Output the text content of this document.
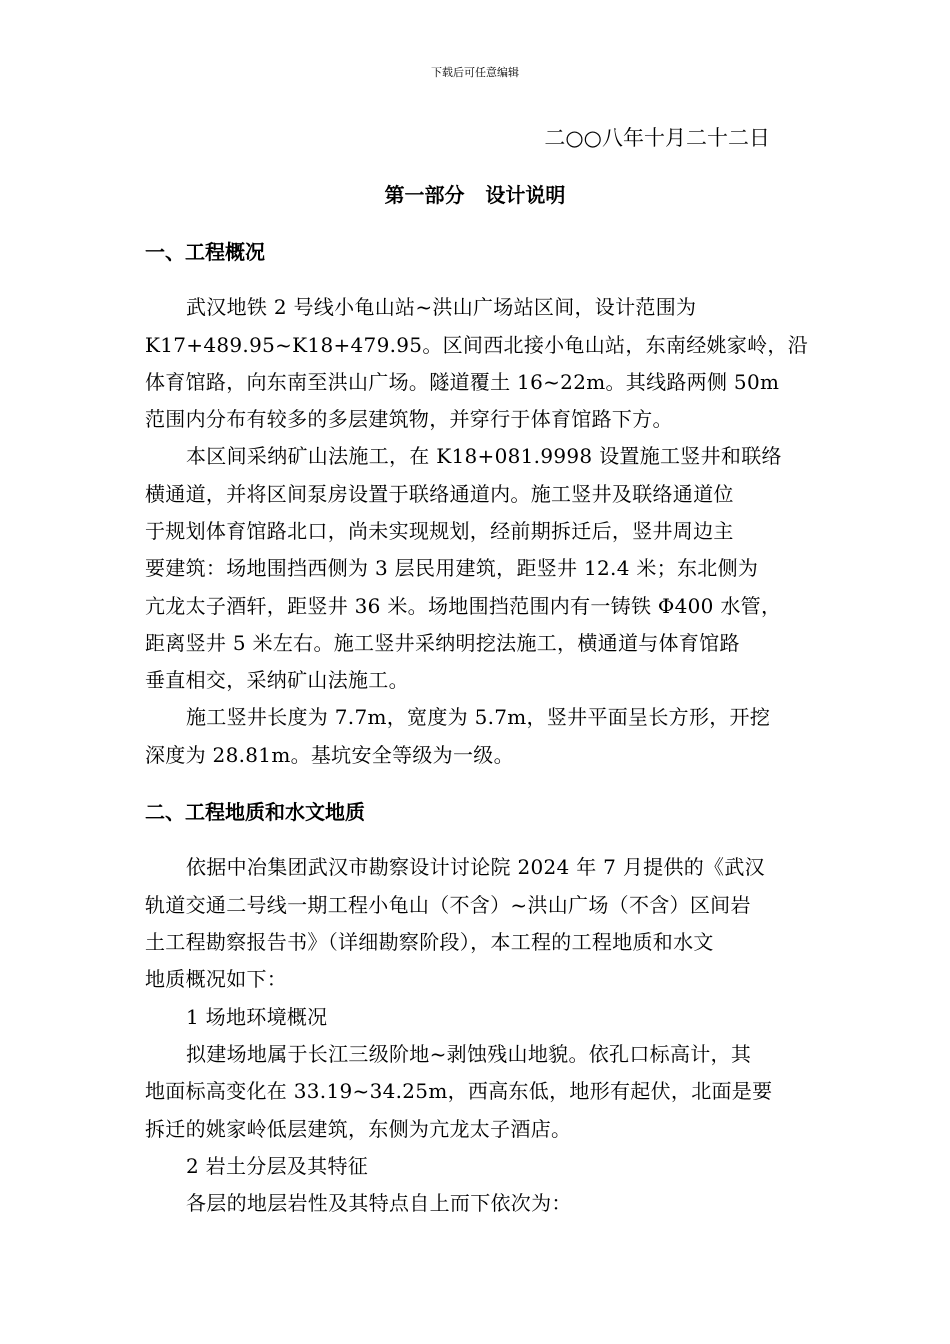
下载后可任意编辑
二○○八年十月二十二日
第一部分   设计说明
一、工程概况
武汉地铁 2 号线小龟山站~洪山广场站区间，设计范围为
K17+489.95~K18+479.95。区间西北接小龟山站，东南经姚家岭，沿
体育馆路，向东南至洪山广场。隧道覆土 16~22m。其线路两侧 50m
范围内分布有较多的多层建筑物，并穿行于体育馆路下方。
本区间采纳矿山法施工，在 K18+081.9998 设置施工竖井和联络
横通道，并将区间泵房设置于联络通道内。施工竖井及联络通道位
于规划体育馆路北口，尚未实现规划，经前期拆迁后，竖井周边主
要建筑：场地围挡西侧为 3 层民用建筑，距竖井 12.4 米；东北侧为
亢龙太子酒轩，距竖井 36 米。场地围挡范围内有一铸铁 Φ400 水管，
距离竖井 5 米左右。施工竖井采纳明挖法施工，横通道与体育馆路
垂直相交，采纳矿山法施工。
施工竖井长度为 7.7m，宽度为 5.7m，竖井平面呈长方形，开挖
深度为 28.81m。基坑安全等级为一级。
二、工程地质和水文地质
依据中冶集团武汉市勘察设计讨论院 2024 年 7 月提供的《武汉
轨道交通二号线一期工程小龟山（不含）~洪山广场（不含）区间岩
土工程勘察报告书》（详细勘察阶段），本工程的工程地质和水文
地质概况如下：
1 场地环境概况
拟建场地属于长江三级阶地~剥蚀残山地貌。依孔口标高计，其
地面标高变化在 33.19~34.25m，西高东低，地形有起伏，北面是要
拆迁的姚家岭低层建筑，东侧为亢龙太子酒店。
2 岩土分层及其特征
各层的地层岩性及其特点自上而下依次为：
